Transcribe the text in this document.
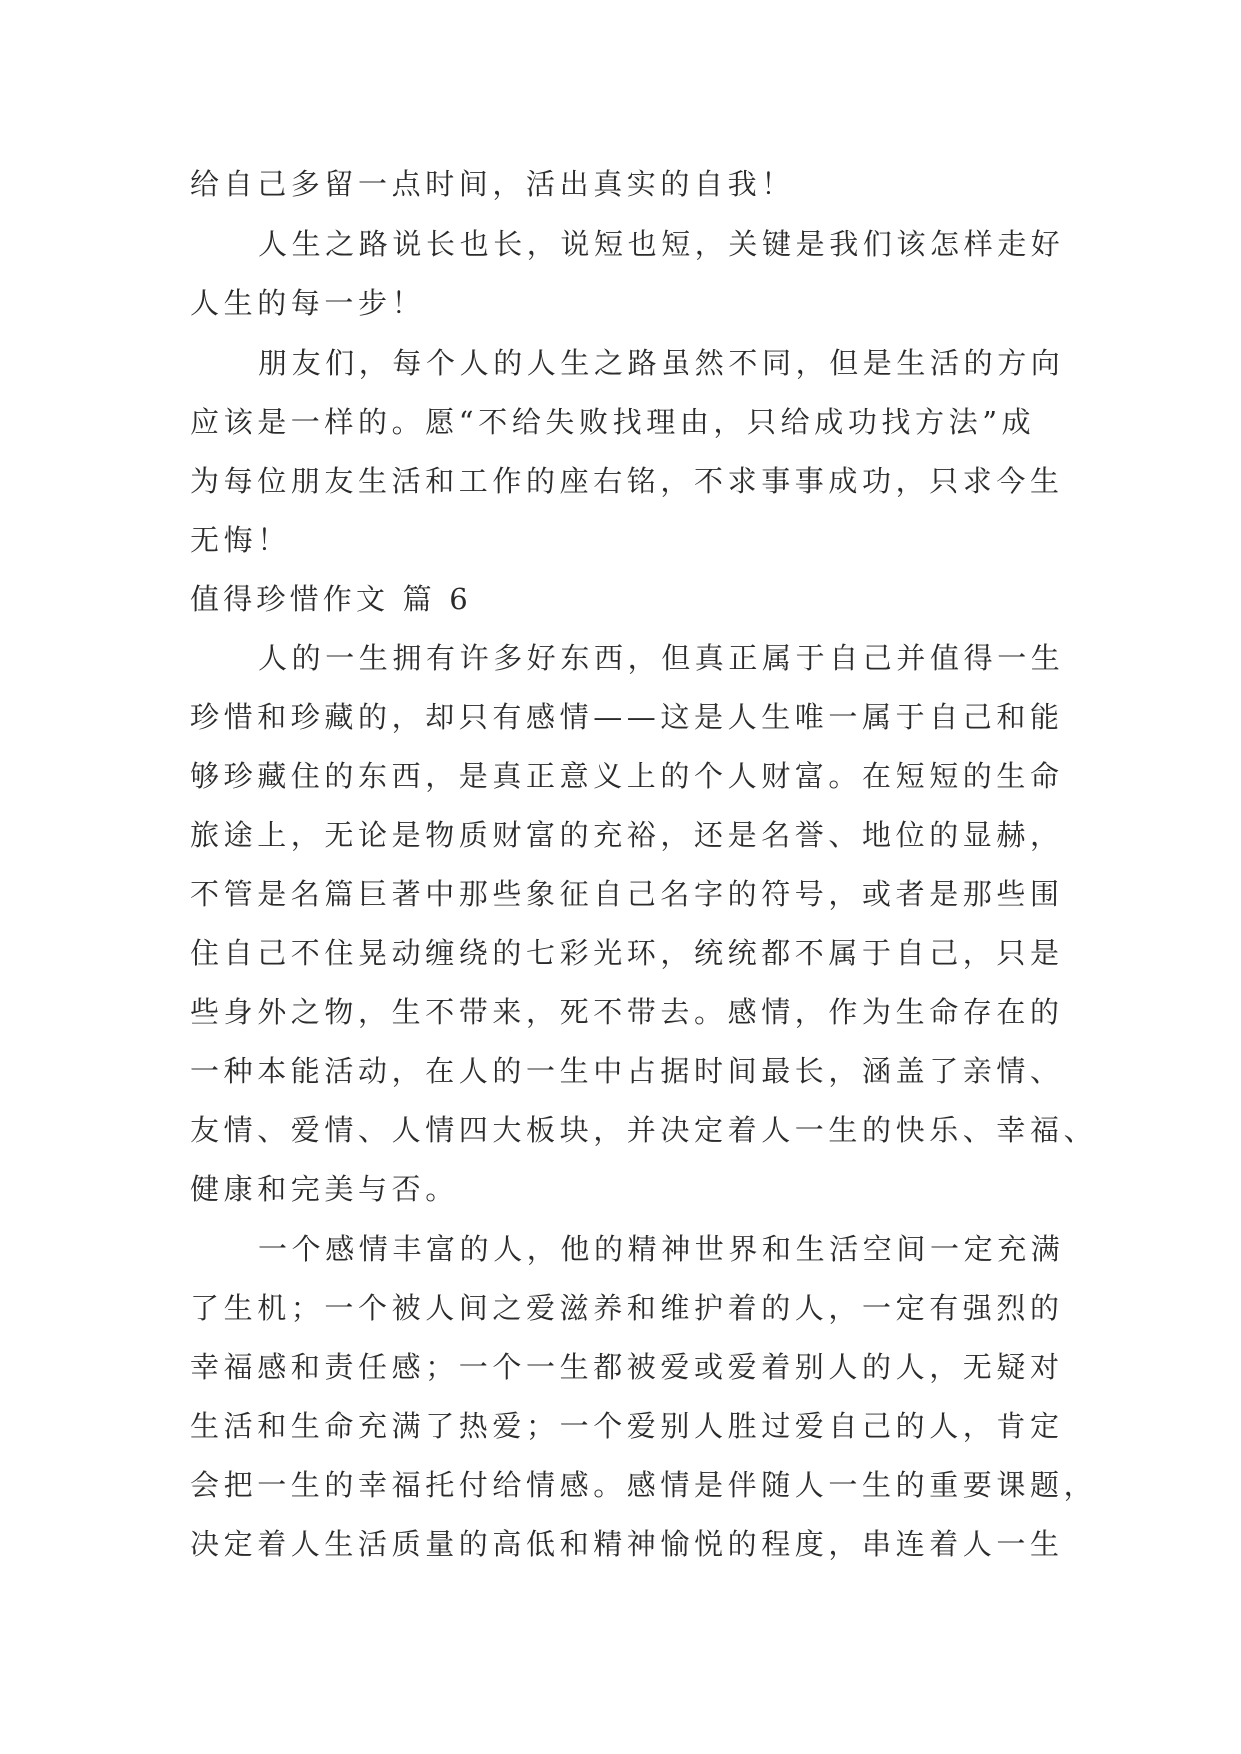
给自己多留一点时间，活出真实的自我！
人生之路说长也长，说短也短，关键是我们该怎样走好
人生的每一步！
朋友们，每个人的人生之路虽然不同，但是生活的方向
应该是一样的。愿“不给失败找理由，只给成功找方法”成
为每位朋友生活和工作的座右铭，不求事事成功，只求今生
无悔！
值得珍惜作文 篇 6
人的一生拥有许多好东西，但真正属于自己并值得一生
珍惜和珍藏的，却只有感情——这是人生唯一属于自己和能
够珍藏住的东西，是真正意义上的个人财富。在短短的生命
旅途上，无论是物质财富的充裕，还是名誉、地位的显赫，
不管是名篇巨著中那些象征自己名字的符号，或者是那些围
住自己不住晃动缠绕的七彩光环，统统都不属于自己，只是
些身外之物，生不带来，死不带去。感情，作为生命存在的
一种本能活动，在人的一生中占据时间最长，涵盖了亲情、
友情、爱情、人情四大板块，并决定着人一生的快乐、幸福、
健康和完美与否。
一个感情丰富的人，他的精神世界和生活空间一定充满
了生机；一个被人间之爱滋养和维护着的人，一定有强烈的
幸福感和责任感；一个一生都被爱或爱着别人的人，无疑对
生活和生命充满了热爱；一个爱别人胜过爱自己的人，肯定
会把一生的幸福托付给情感。感情是伴随人一生的重要课题，
决定着人生活质量的高低和精神愉悦的程度，串连着人一生
